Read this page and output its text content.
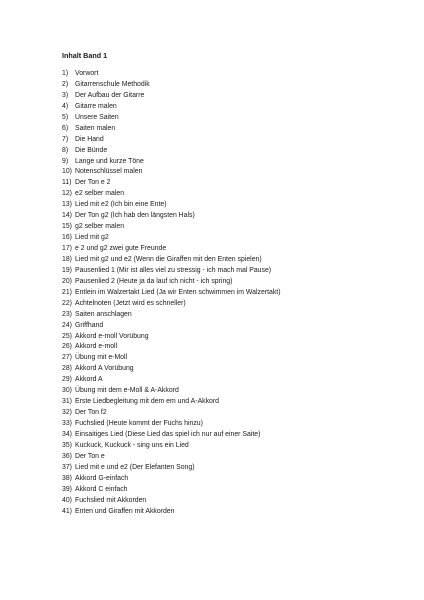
Inhalt Band 1
1) Vorwort
2) Gitarrenschule Methodik
3) Der Aufbau der Gitarre
4) Gitarre malen
5) Unsere Saiten
6) Saiten malen
7) Die Hand
8) Die Bünde
9) Lange und kurze Töne
10) Notenschlüssel malen
11) Der Ton e 2
12) e2 selber malen
13) Lied mit e2 (Ich bin eine Ente)
14) Der Ton g2 (Ich hab den längsten Hals)
15) g2 selber malen
16) Lied mit g2
17) e 2 und g2 zwei gute Freunde
18) Lied mit g2 und e2 (Wenn die Giraffen mit den Enten spielen)
19) Pausenlied 1 (Mir ist alles viel zu stressig - ich mach mal Pause)
20) Pausenlied 2 (Heute ja da lauf ich nicht - ich spring)
21) Entlein im Walzertakt Lied (Ja wir Enten schwimmen im Walzertakt)
22) Achtelnoten (Jetzt wird es schneller)
23) Saiten anschlagen
24) Griffhand
25) Akkord e-moll Vorübung
26) Akkord e-moll
27) Übung mit e-Moll
28) Akkord A Vorübung
29) Akkord A
30) Übung mit dem e-Moll & A-Akkord
31) Erste Liedbegleitung mit dem em und A-Akkord
32) Der Ton f2
33) Fuchslied (Heute kommt der Fuchs hinzu)
34) Einsaitiges Lied (Diese Lied das spiel ich nur auf einer Saite)
35) Kuckuck, Kuckuck - sing uns ein Lied
36) Der Ton e
37) Lied mit e und e2 (Der Elefanten Song)
38) Akkord G-einfach
39) Akkord C einfach
40) Fuchslied mit Akkorden
41) Enten und Giraffen mit Akkorden
